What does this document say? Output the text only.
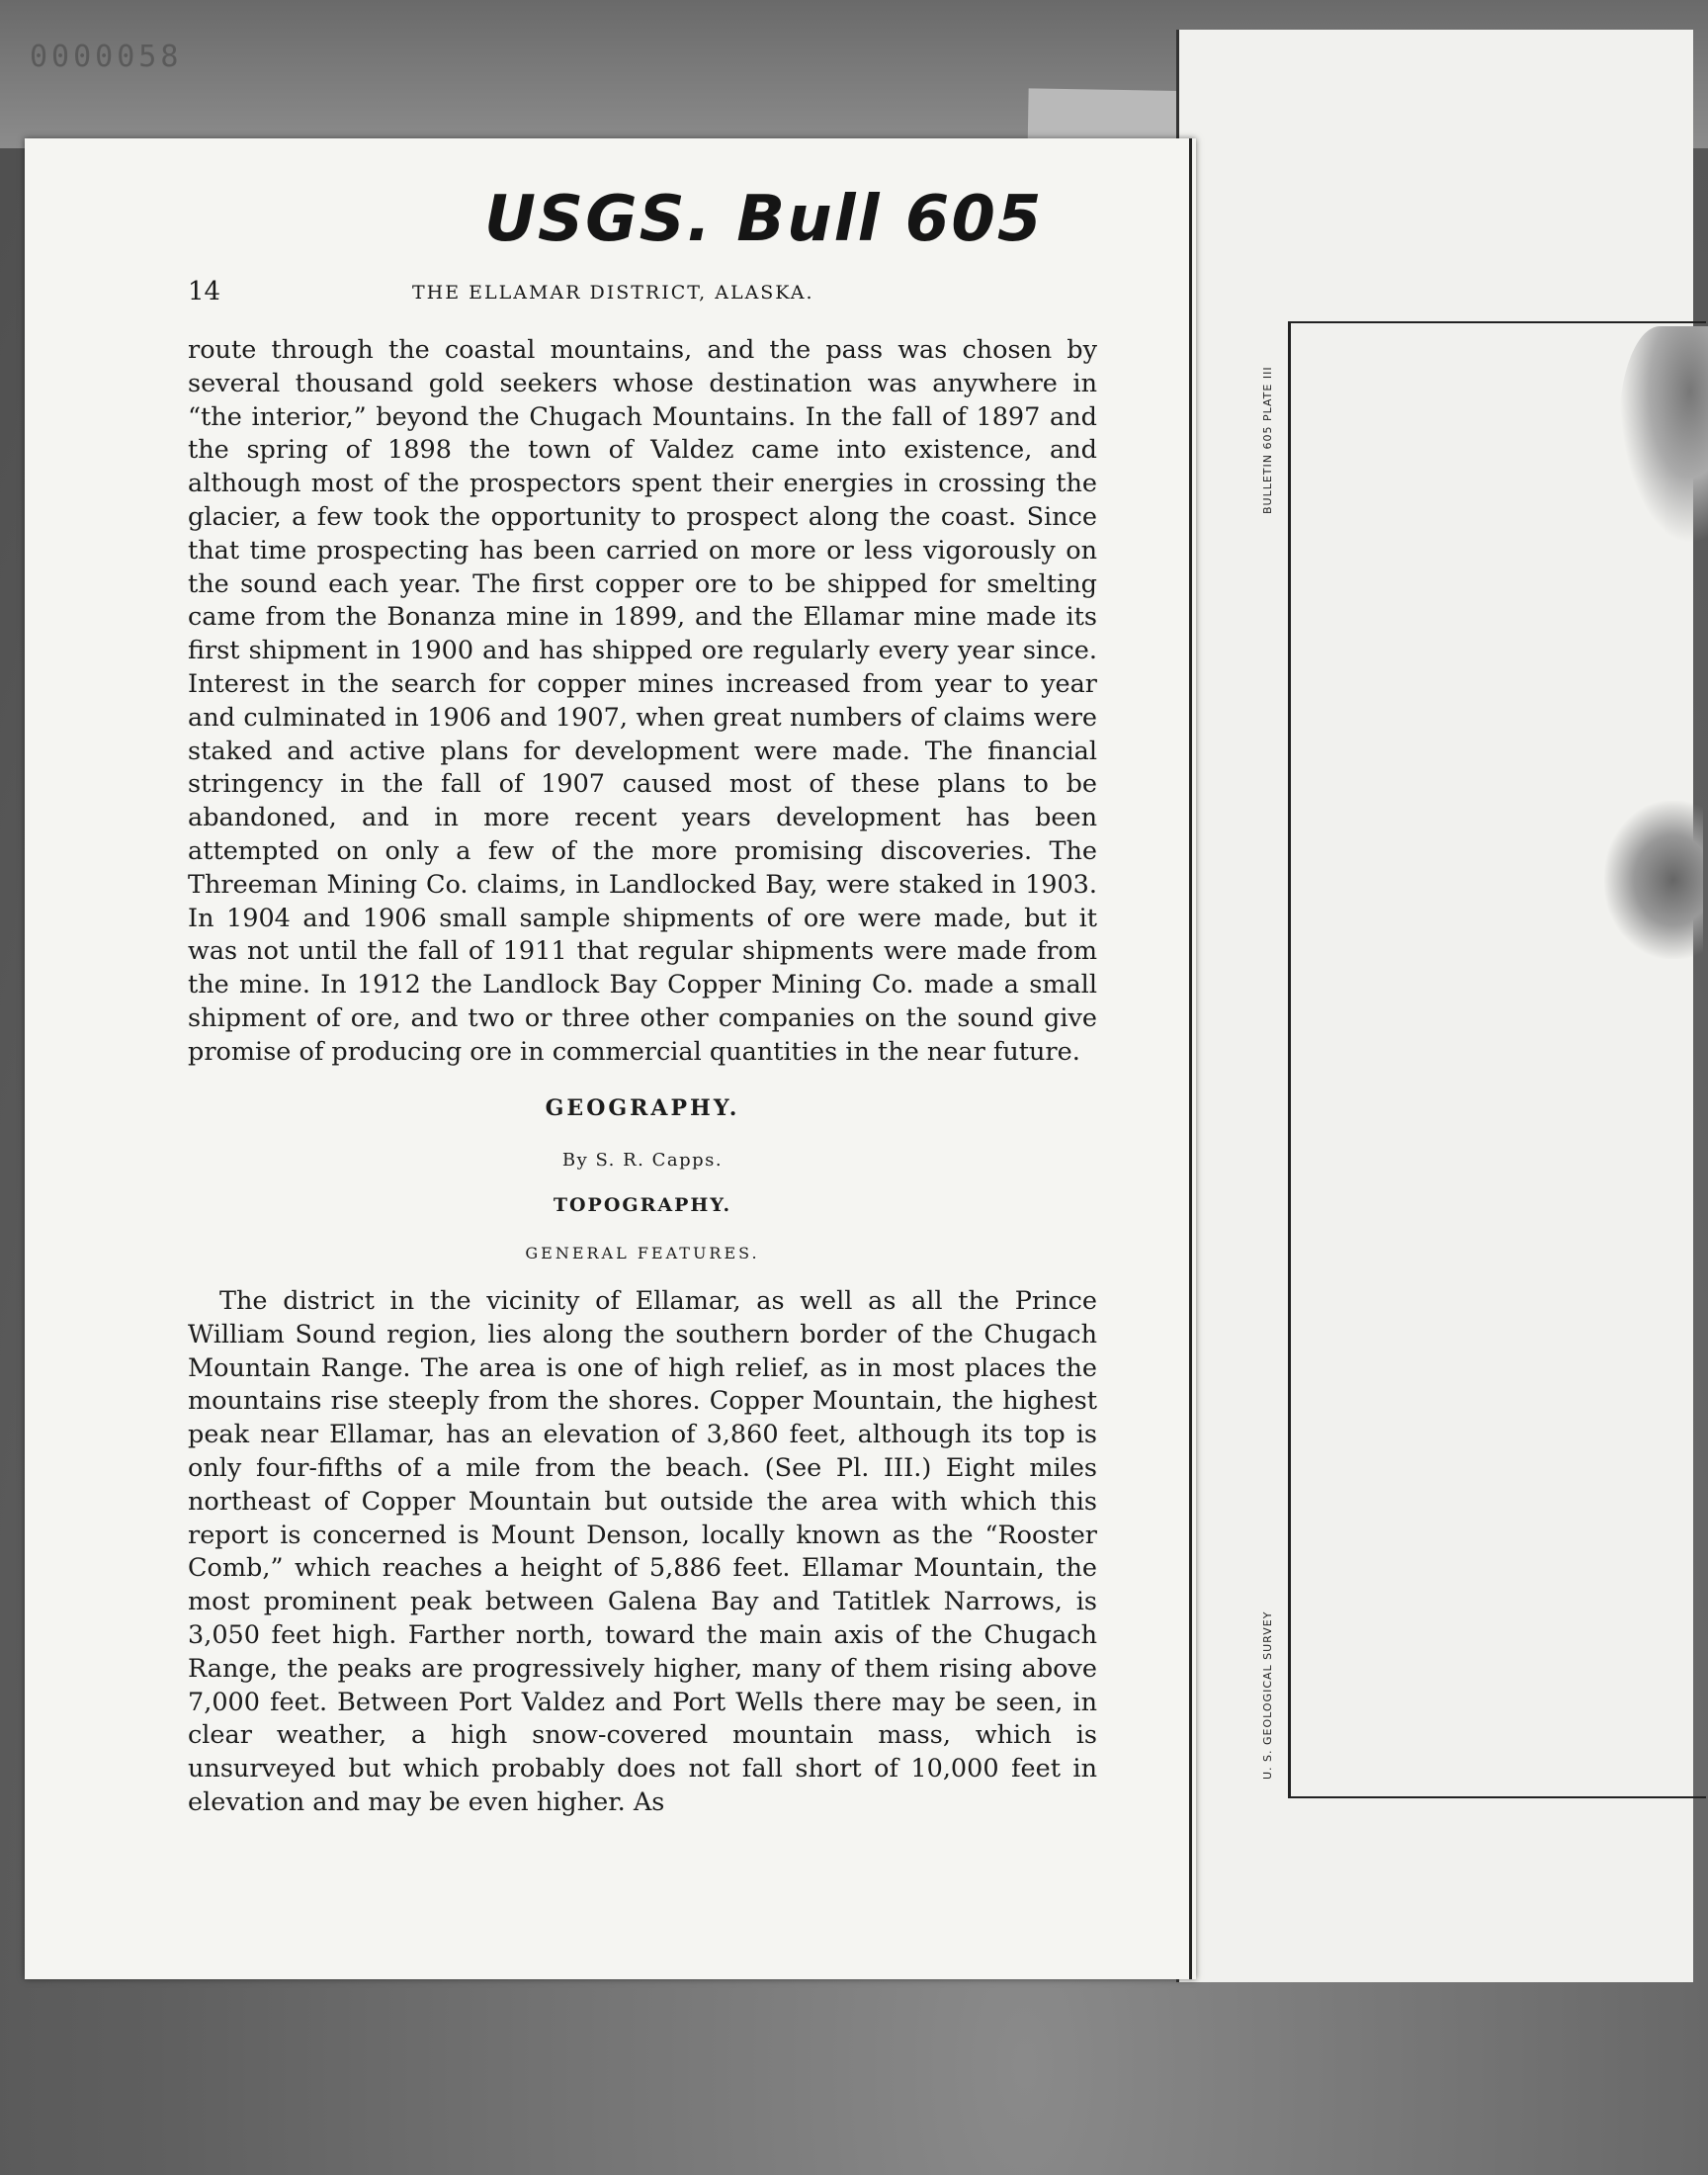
0000058
BULLETIN 605 PLATE III
U. S. GEOLOGICAL SURVEY
USGS. Bull 605
14	THE ELLAMAR DISTRICT, ALASKA.

route through the coastal mountains, and the pass was chosen by several thousand gold seekers whose destination was anywhere in “the interior,” beyond the Chugach Mountains. In the fall of 1897 and the spring of 1898 the town of Valdez came into existence, and although most of the prospectors spent their energies in crossing the glacier, a few took the opportunity to prospect along the coast. Since that time prospecting has been carried on more or less vigorously on the sound each year. The first copper ore to be shipped for smelting came from the Bonanza mine in 1899, and the Ellamar mine made its first shipment in 1900 and has shipped ore regularly every year since. Interest in the search for copper mines increased from year to year and culminated in 1906 and 1907, when great numbers of claims were staked and active plans for development were made. The financial stringency in the fall of 1907 caused most of these plans to be abandoned, and in more recent years development has been attempted on only a few of the more promising discoveries. The Threeman Mining Co. claims, in Landlocked Bay, were staked in 1903. In 1904 and 1906 small sample shipments of ore were made, but it was not until the fall of 1911 that regular shipments were made from the mine. In 1912 the Landlock Bay Copper Mining Co. made a small shipment of ore, and two or three other companies on the sound give promise of producing ore in commercial quantities in the near future.

GEOGRAPHY.
By S. R. Capps.
TOPOGRAPHY.
GENERAL FEATURES.

The district in the vicinity of Ellamar, as well as all the Prince William Sound region, lies along the southern border of the Chugach Mountain Range. The area is one of high relief, as in most places the mountains rise steeply from the shores. Copper Mountain, the highest peak near Ellamar, has an elevation of 3,860 feet, although its top is only four-fifths of a mile from the beach. (See Pl. III.) Eight miles northeast of Copper Mountain but outside the area with which this report is concerned is Mount Denson, locally known as the “Rooster Comb,” which reaches a height of 5,886 feet. Ellamar Mountain, the most prominent peak between Galena Bay and Tatitlek Narrows, is 3,050 feet high. Farther north, toward the main axis of the Chugach Range, the peaks are progressively higher, many of them rising above 7,000 feet. Between Port Valdez and Port Wells there may be seen, in clear weather, a high snow-covered mountain mass, which is unsurveyed but which probably does not fall short of 10,000 feet in elevation and may be even higher. As
